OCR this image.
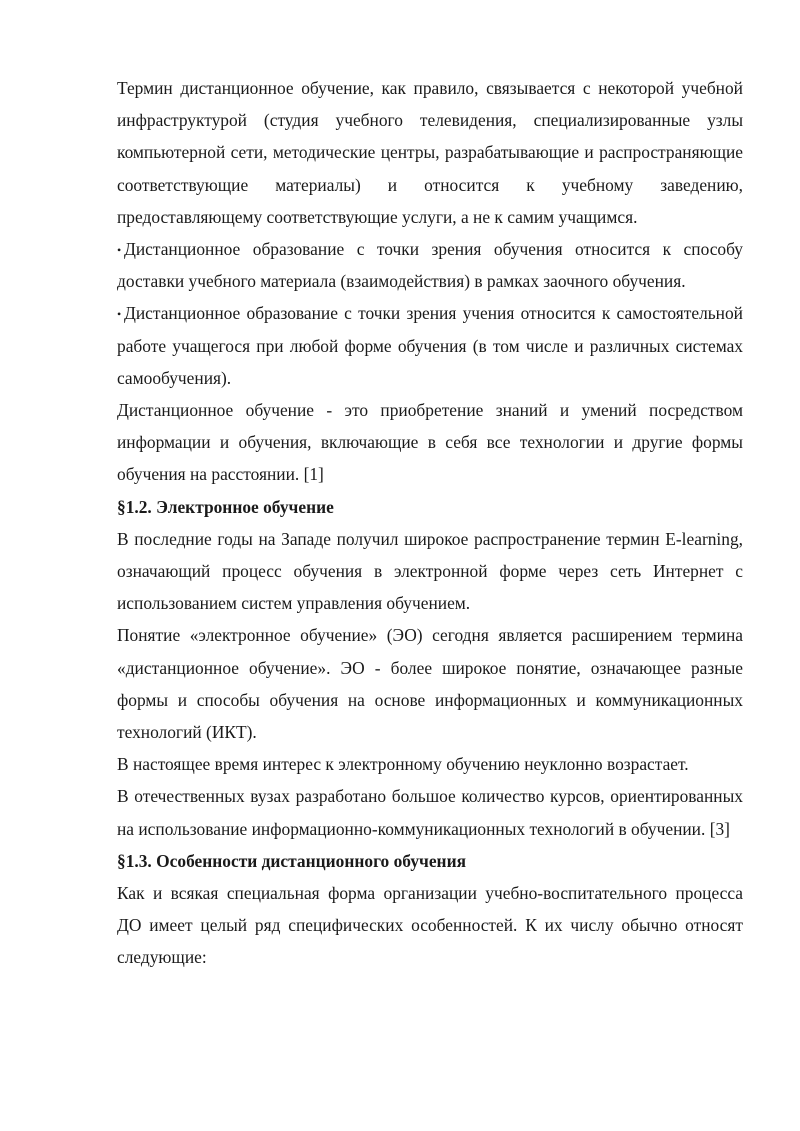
Термин дистанционное обучение, как правило, связывается с некоторой учебной инфраструктурой (студия учебного телевидения, специализированные узлы компьютерной сети, методические центры, разрабатывающие и распространяющие соответствующие материалы) и относится к учебному заведению, предоставляющему соответствующие услуги, а не к самим учащимся.

• Дистанционное образование с точки зрения обучения относится к способу доставки учебного материала (взаимодействия) в рамках заочного обучения.

• Дистанционное образование с точки зрения учения относится к самостоятельной работе учащегося при любой форме обучения (в том числе и различных системах самообучения).

Дистанционное обучение - это приобретение знаний и умений посредством информации и обучения, включающие в себя все технологии и другие формы обучения на расстоянии. [1]

§1.2. Электронное обучение

В последние годы на Западе получил широкое распространение термин E-learning, означающий процесс обучения в электронной форме через сеть Интернет с использованием систем управления обучением.

Понятие «электронное обучение» (ЭО) сегодня является расширением термина «дистанционное обучение». ЭО - более широкое понятие, означающее разные формы и способы обучения на основе информационных и коммуникационных технологий (ИКТ).

В настоящее время интерес к электронному обучению неуклонно возрастает.

В отечественных вузах разработано большое количество курсов, ориентированных на использование информационно-коммуникационных технологий в обучении. [3]

§1.3. Особенности дистанционного обучения

Как и всякая специальная форма организации учебно-воспитательного процесса ДО имеет целый ряд специфических особенностей. К их числу обычно относят следующие:
